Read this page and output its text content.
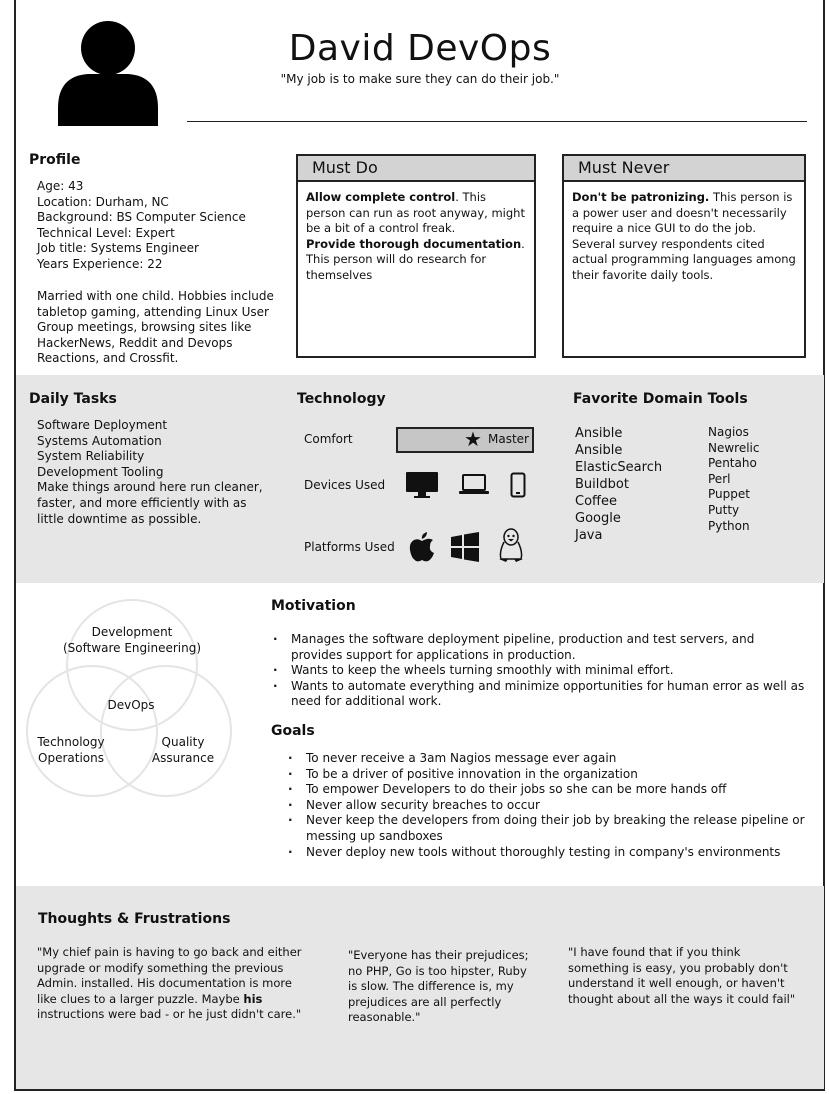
David DevOps
"My job is to make sure they can do their job."
Profile
Age: 43
Location: Durham, NC
Background: BS Computer Science
Technical Level: Expert
Job title: Systems Engineer
Years Experience: 22
Married with one child. Hobbies include tabletop gaming, attending Linux User Group meetings, browsing sites like HackerNews, Reddit and Devops Reactions, and Crossfit.
Must Do
Allow complete control. This person can run as root anyway, might be a bit of a control freak.
Provide thorough documentation. This person will do research for themselves
Must Never
Don't be patronizing. This person is a power user and doesn't necessarily require a nice GUI to do the job. Several survey respondents cited actual programming languages among their favorite daily tools.
Daily Tasks
Software Deployment
Systems Automation
System Reliability
Development Tooling
Make things around here run cleaner, faster, and more efficiently with as little downtime as possible.
Technology
Comfort	★ Master
Devices Used
Platforms Used
Favorite Domain Tools
Ansible
Ansible
ElasticSearch
Buildbot
Coffee
Google
Java
Nagios
Newrelic
Pentaho
Perl
Puppet
Putty
Python
Development
(Software Engineering)
DevOps
Technology
Operations
Quality
Assurance
Motivation
· Manages the software deployment pipeline, production and test servers, and provides support for applications in production.
· Wants to keep the wheels turning smoothly with minimal effort.
· Wants to automate everything and minimize opportunities for human error as well as need for additional work.
Goals
· To never receive a 3am Nagios message ever again
· To be a driver of positive innovation in the organization
· To empower Developers to do their jobs so she can be more hands off
· Never allow security breaches to occur
· Never keep the developers from doing their job by breaking the release pipeline or messing up sandboxes
· Never deploy new tools without thoroughly testing in company's environments
Thoughts & Frustrations
"My chief pain is having to go back and either upgrade or modify something the previous Admin. installed. His documentation is more like clues to a larger puzzle. Maybe his instructions were bad - or he just didn't care."
"Everyone has their prejudices; no PHP, Go is too hipster, Ruby is slow. The difference is, my prejudices are all perfectly reasonable."
"I have found that if you think something is easy, you probably don't understand it well enough, or haven't thought about all the ways it could fail"
